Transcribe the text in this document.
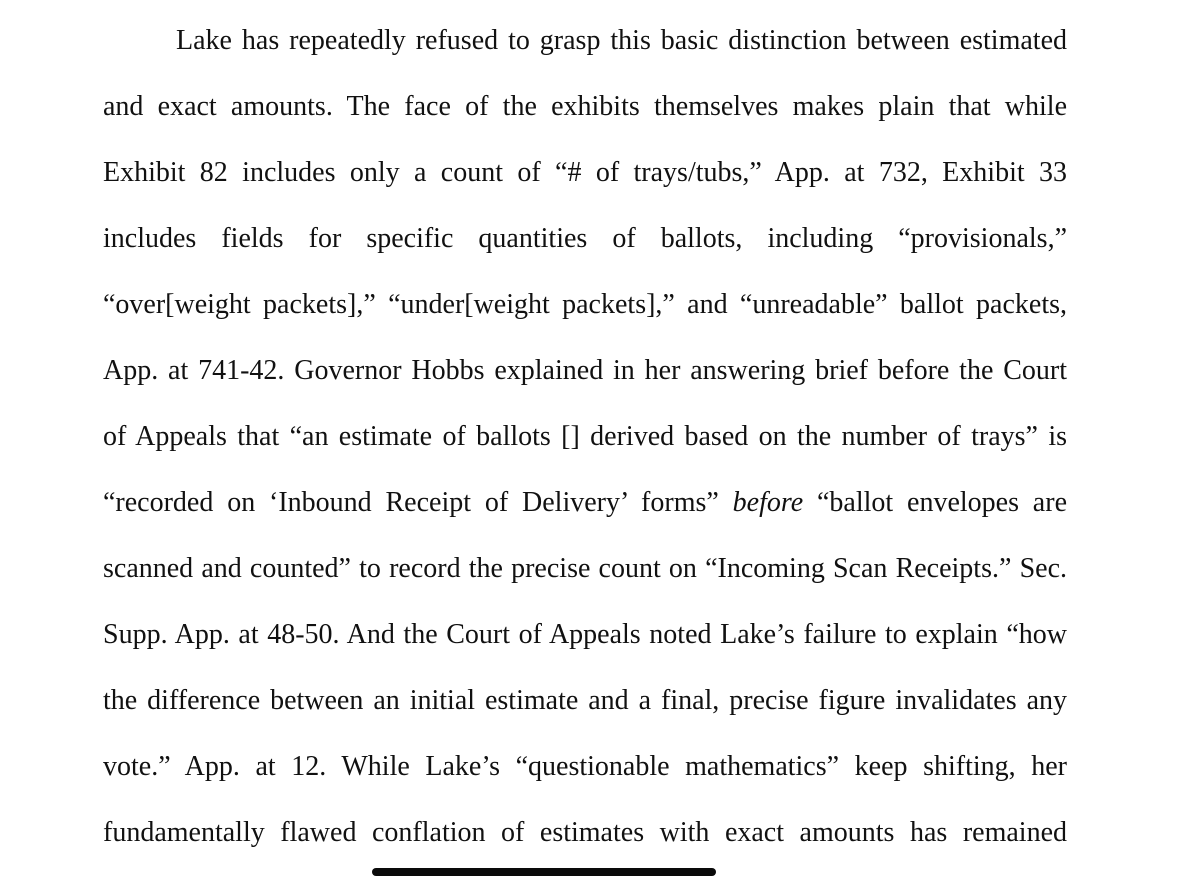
Lake has repeatedly refused to grasp this basic distinction between estimated
and exact amounts. The face of the exhibits themselves makes plain that while
Exhibit 82 includes only a count of “# of trays/tubs,” App. at 732, Exhibit 33
includes fields for specific quantities of ballots, including “provisionals,”
“over[weight packets],” “under[weight packets],” and “unreadable” ballot packets,
App. at 741-42. Governor Hobbs explained in her answering brief before the Court
of Appeals that “an estimate of ballots [] derived based on the number of trays” is
“recorded on ‘Inbound Receipt of Delivery’ forms” before “ballot envelopes are
scanned and counted” to record the precise count on “Incoming Scan Receipts.” Sec.
Supp. App. at 48-50. And the Court of Appeals noted Lake’s failure to explain “how
the difference between an initial estimate and a final, precise figure invalidates any
vote.” App. at 12. While Lake’s “questionable mathematics” keep shifting, her
fundamentally flawed conflation of estimates with exact amounts has remained
